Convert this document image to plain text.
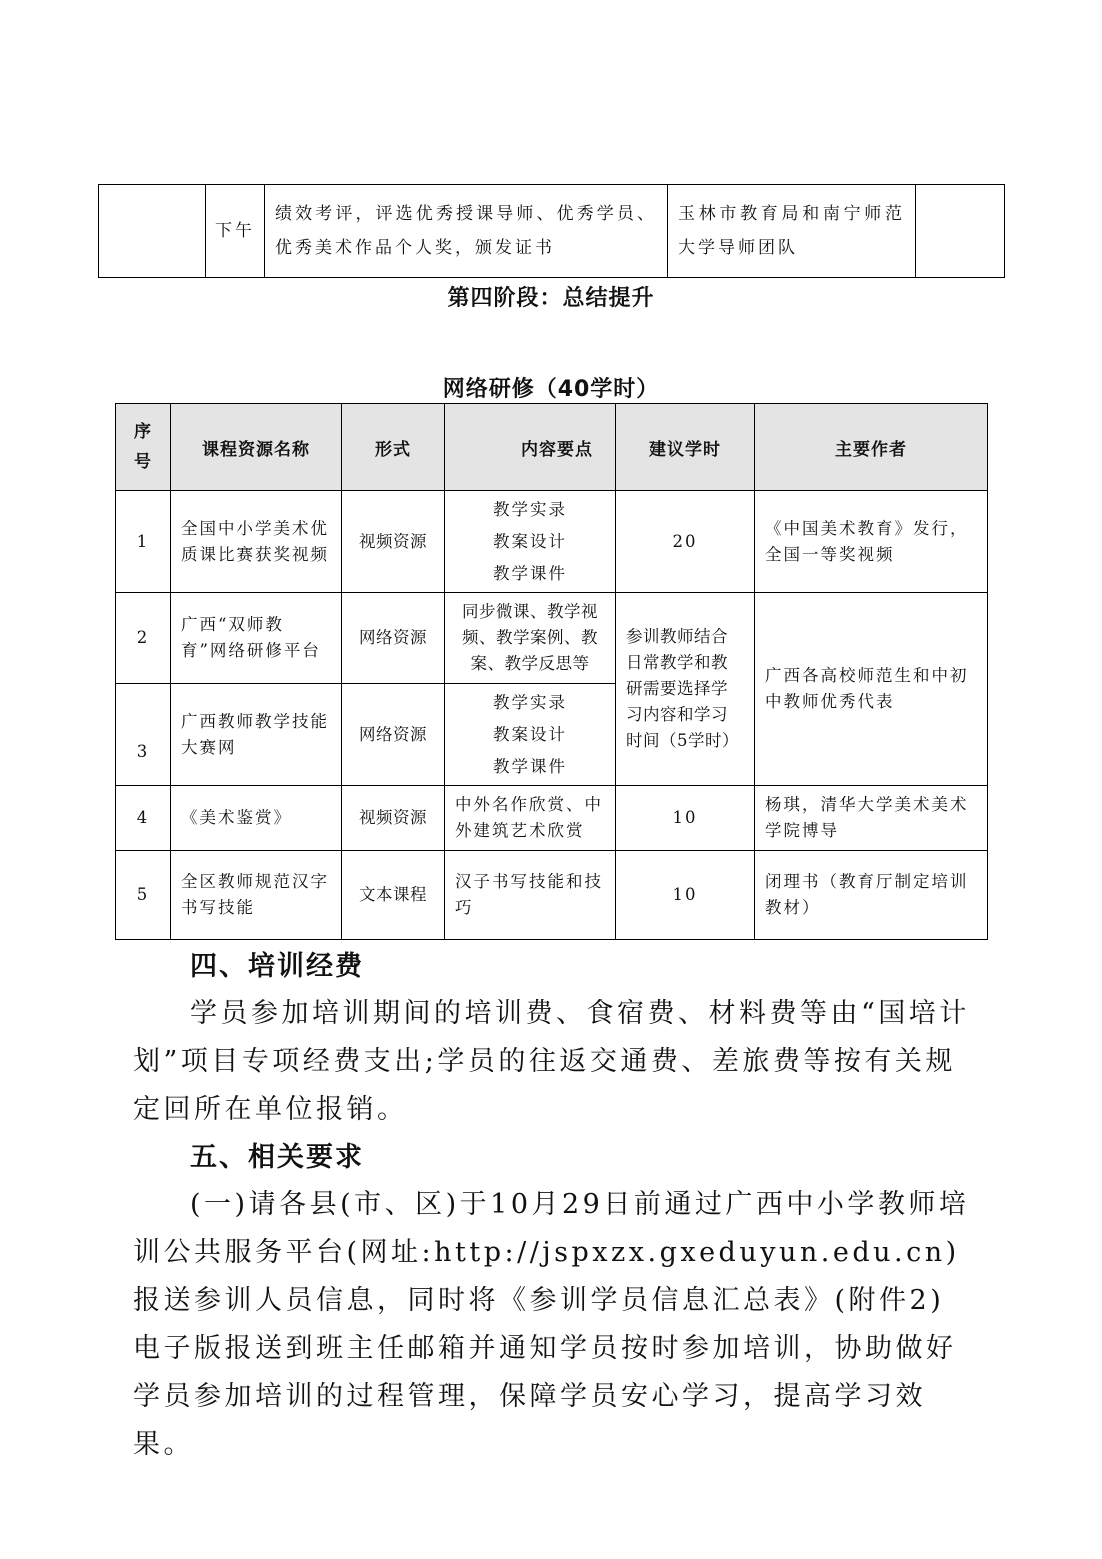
	下午	绩效考评，评选优秀授课导师、优秀学员、优秀美术作品个人奖，颁发证书	玉林市教育局和南宁师范大学导师团队	
第四阶段：总结提升
网络研修（40学时）
序
号	课程资源名称	形式	内容要点	建议学时	主要作者
1	全国中小学美术优质课比赛获奖视频	视频资源	教学实录
教案设计
教学课件	20	《中国美术教育》发行，全国一等奖视频
2	广西“双师教育”网络研修平台	网络资源	同步微课、教学视频、教学案例、教案、教学反思等	参训教师结合日常教学和教研需要选择学习内容和学习时间（5学时）	广西各高校师范生和中初中教师优秀代表
3	广西教师教学技能大赛网	网络资源	教学实录
教案设计
教学课件		

4	《美术鉴赏》	视频资源	中外名作欣赏、中外建筑艺术欣赏	10	杨琪，清华大学美术美术学院博导
5	全区教师规范汉字书写技能	文本课程	汉子书写技能和技巧	10	闭理书（教育厅制定培训教材）
四、培训经费
学员参加培训期间的培训费、食宿费、材料费等由“国培计划”项目专项经费支出;学员的往返交通费、差旅费等按有关规定回所在单位报销。
五、相关要求
(一)请各县(市、区)于10月29日前通过广西中小学教师培训公共服务平台(网址:http://jspxzx.gxeduyun.edu.cn)报送参训人员信息，同时将《参训学员信息汇总表》(附件2)电子版报送到班主任邮箱并通知学员按时参加培训，协助做好学员参加培训的过程管理，保障学员安心学习，提高学习效果。
